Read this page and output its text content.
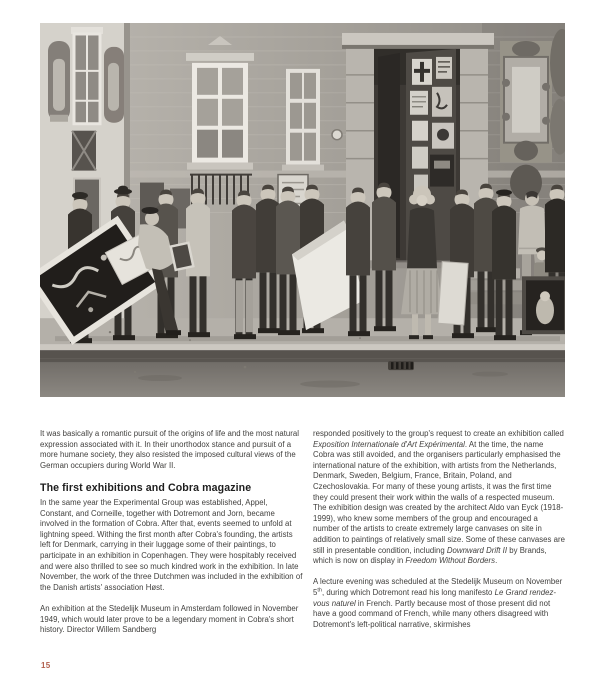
It was basically a romantic pursuit of the origins of life and the most natural expression associated with it. In their unorthodox stance and pursuit of a more humane society, they also resisted the imposed cultural views of the German occupiers during World War II.

The first exhibitions and Cobra magazine

In the same year the Experimental Group was established, Appel, Constant, and Corneille, together with Dotremont and Jorn, became involved in the formation of Cobra. After that, events seemed to unfold at lightning speed. Withing the first month after Cobra's founding, the artists left for Denmark, carrying in their luggage some of their paintings, to participate in an exhibition in Copenhagen. They were hospitably received and were also thrilled to see so much kindred work in the exhibition. In late November, the work of the three Dutchmen was included in the exhibition of the Danish artists' association Høst.

An exhibition at the Stedelijk Museum in Amsterdam followed in November 1949, which would later prove to be a legendary moment in Cobra's short history. Director Willem Sandberg

responded positively to the group's request to create an exhibition called Exposition Internationale d'Art Expérimental. At the time, the name Cobra was still avoided, and the organisers particularly emphasised the international nature of the exhibition, with artists from the Netherlands, Denmark, Sweden, Belgium, France, Britain, Poland, and Czechoslovakia. For many of these young artists, it was the first time they could present their work within the walls of a respected museum. The exhibition design was created by the architect Aldo van Eyck (1918-1999), who knew some members of the group and encouraged a number of the artists to create extremely large canvases on site in addition to paintings of relatively small size. Some of these canvases are still in presentable condition, including Downward Drift II by Brands, which is now on display in Freedom Without Borders.

A lecture evening was scheduled at the Stedelijk Museum on November 5th, during which Dotremont read his long manifesto Le Grand rendez-vous naturel in French. Partly because most of those present did not have a good command of French, while many others disagreed with Dotremont's left-political narrative, skirmishes

15
